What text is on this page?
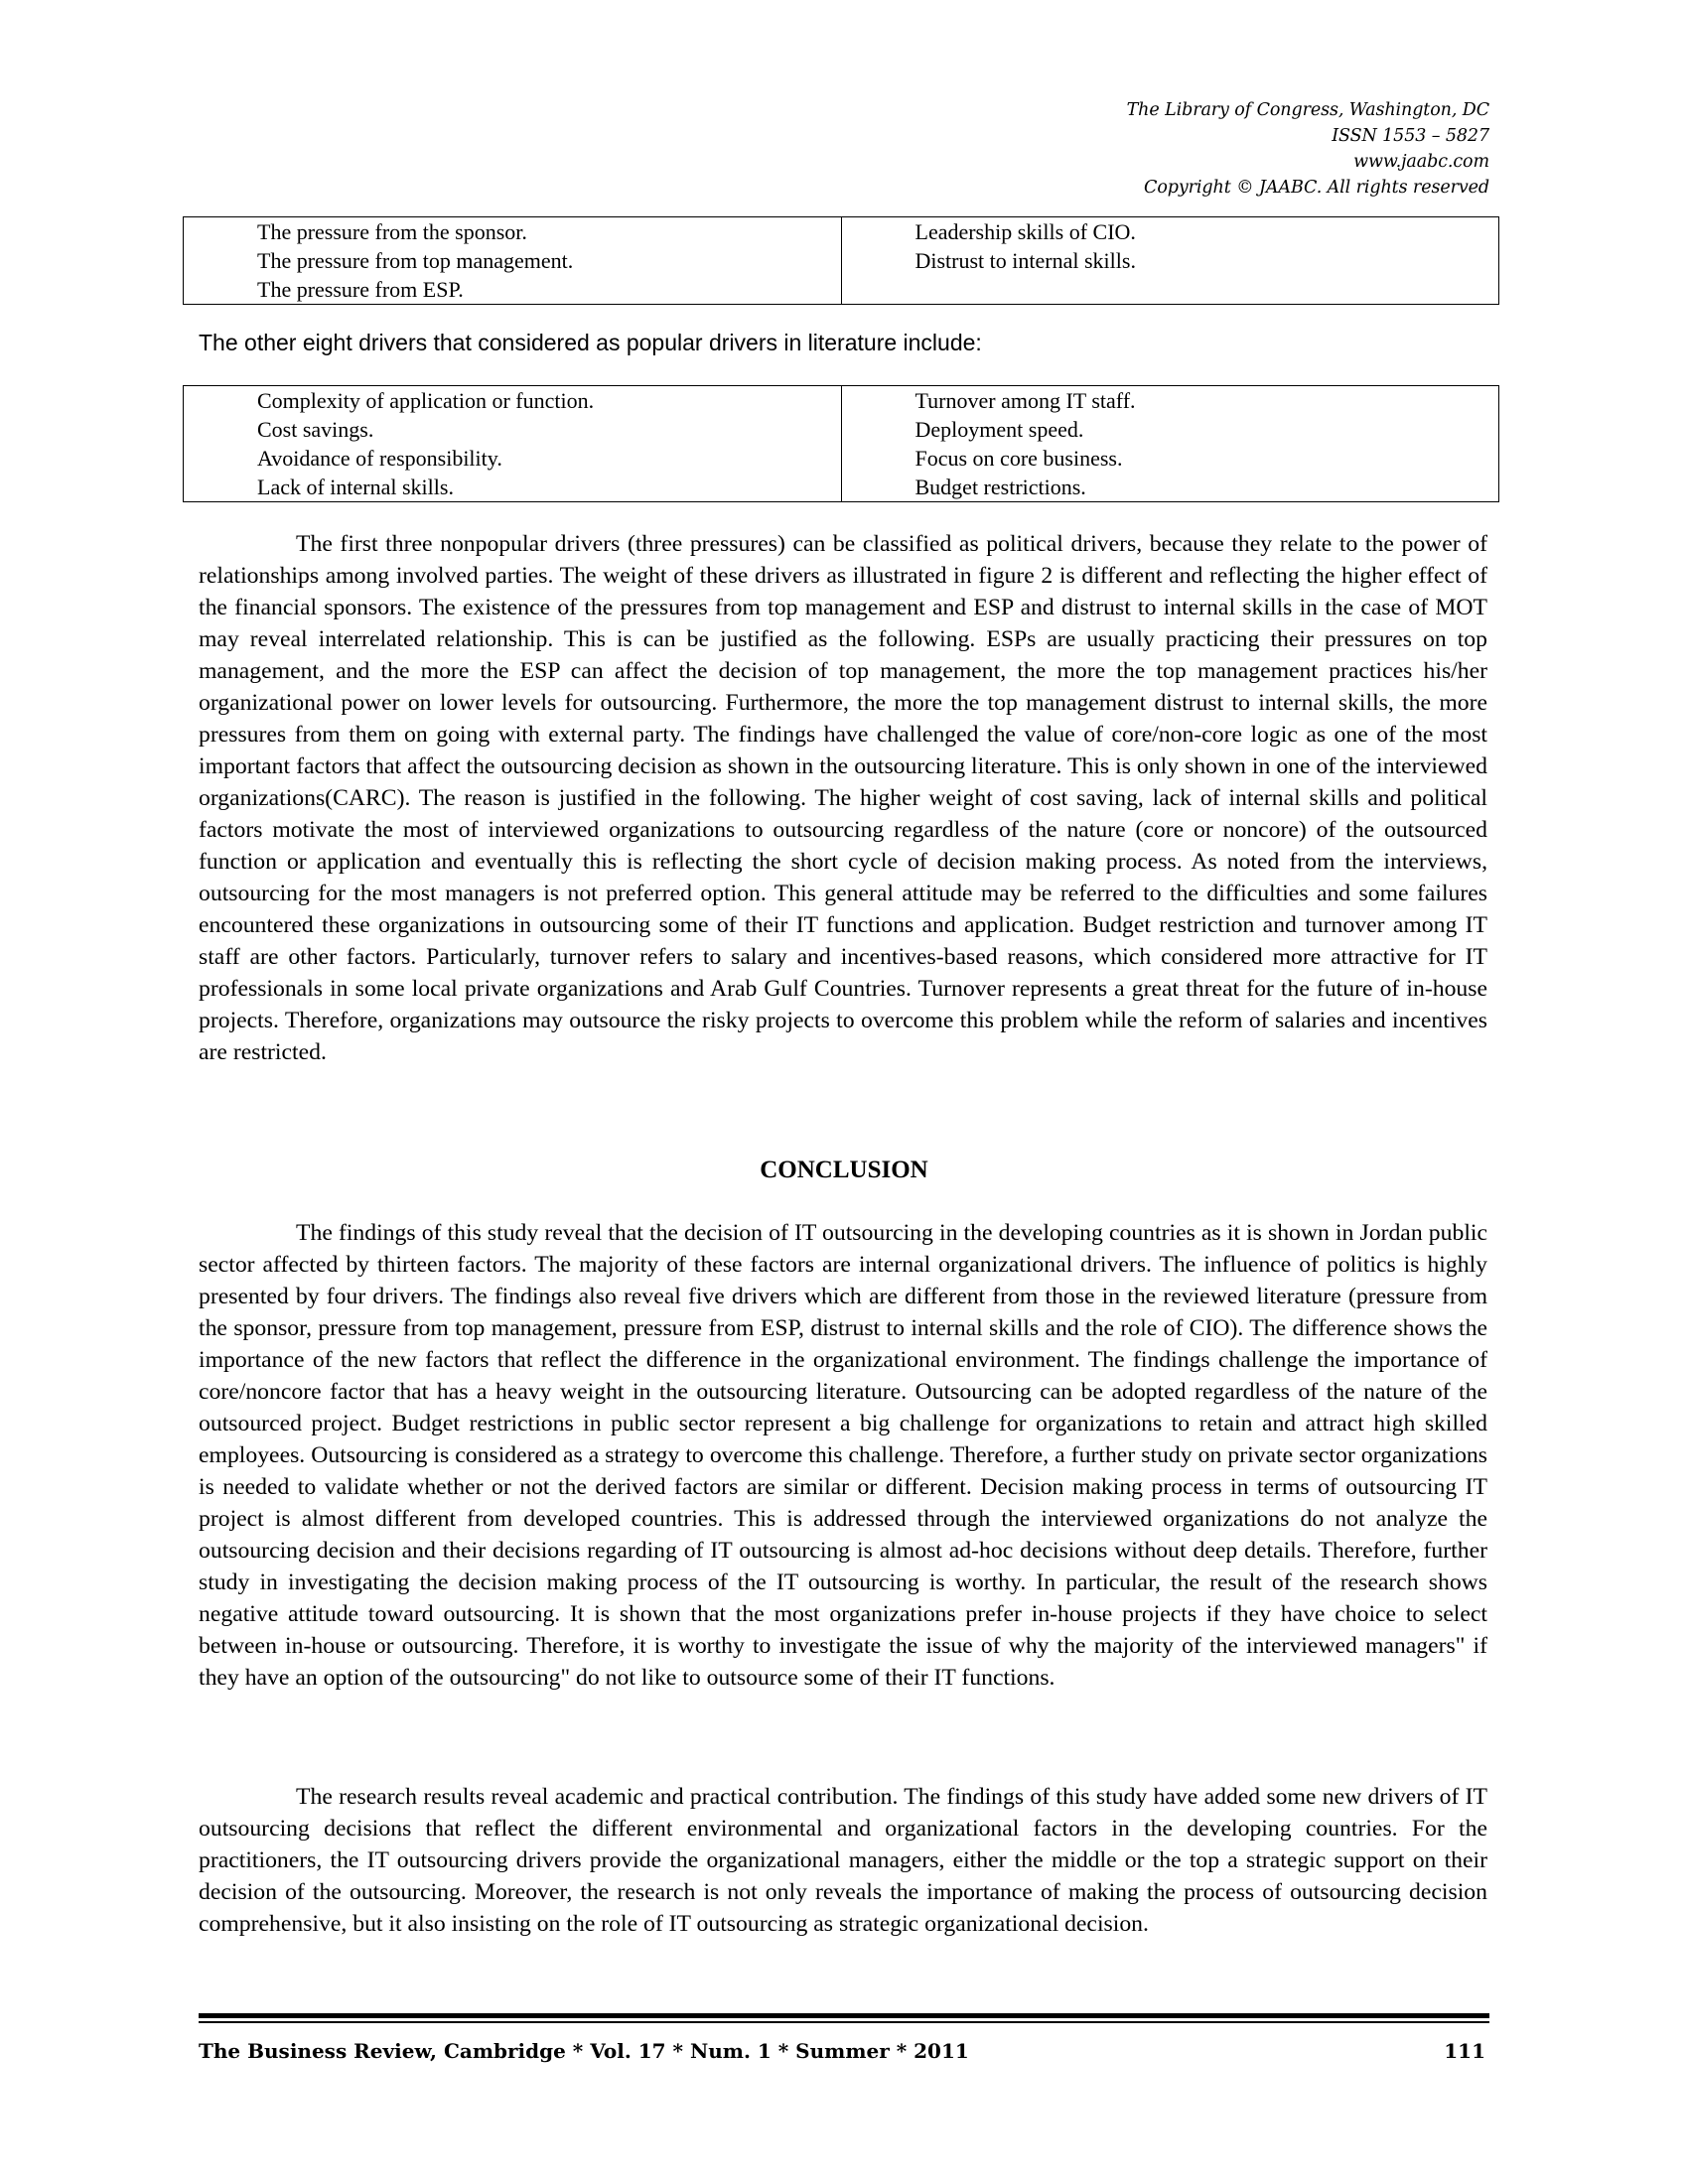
The Library of Congress, Washington, DC
ISSN 1553 – 5827
www.jaabc.com
Copyright © JAABC. All rights reserved
The pressure from the sponsor.
The pressure from top management.
The pressure from ESP.

Leadership skills of CIO.
Distrust to internal skills.
The other eight drivers that considered as popular drivers in literature include:
Complexity of application or function.
Cost savings.
Avoidance of responsibility.
Lack of internal skills.

Turnover among IT staff.
Deployment speed.
Focus on core business.
Budget restrictions.

The first three nonpopular drivers (three pressures) can be classified as political drivers, because they relate to the power of relationships among involved parties. The weight of these drivers as illustrated in figure 2 is different and reflecting the higher effect of the financial sponsors. The existence of the pressures from top management and ESP and distrust to internal skills in the case of MOT may reveal interrelated relationship. This is can be justified as the following. ESPs are usually practicing their pressures on top management, and the more the ESP can affect the decision of top management, the more the top management practices his/her organizational power on lower levels for outsourcing. Furthermore, the more the top management distrust to internal skills, the more pressures from them on going with external party. The findings have challenged the value of core/non-core logic as one of the most important factors that affect the outsourcing decision as shown in the outsourcing literature. This is only shown in one of the interviewed organizations(CARC). The reason is justified in the following. The higher weight of cost saving, lack of internal skills and political factors motivate the most of interviewed organizations to outsourcing regardless of the nature (core or noncore) of the outsourced function or application and eventually this is reflecting the short cycle of decision making process. As noted from the interviews, outsourcing for the most managers is not preferred option. This general attitude may be referred to the difficulties and some failures encountered these organizations in outsourcing some of their IT functions and application. Budget restriction and turnover among IT staff are other factors. Particularly, turnover refers to salary and incentives-based reasons, which considered more attractive for IT professionals in some local private organizations and Arab Gulf Countries. Turnover represents a great threat for the future of in-house projects. Therefore, organizations may outsource the risky projects to overcome this problem while the reform of salaries and incentives are restricted.

CONCLUSION

The findings of this study reveal that the decision of IT outsourcing in the developing countries as it is shown in Jordan public sector affected by thirteen factors. The majority of these factors are internal organizational drivers. The influence of politics is highly presented by four drivers. The findings also reveal five drivers which are different from those in the reviewed literature (pressure from the sponsor, pressure from top management, pressure from ESP, distrust to internal skills and the role of CIO). The difference shows the importance of the new factors that reflect the difference in the organizational environment. The findings challenge the importance of core/noncore factor that has a heavy weight in the outsourcing literature. Outsourcing can be adopted regardless of the nature of the outsourced project. Budget restrictions in public sector represent a big challenge for organizations to retain and attract high skilled employees. Outsourcing is considered as a strategy to overcome this challenge. Therefore, a further study on private sector organizations is needed to validate whether or not the derived factors are similar or different. Decision making process in terms of outsourcing IT project is almost different from developed countries. This is addressed through the interviewed organizations do not analyze the outsourcing decision and their decisions regarding of IT outsourcing is almost ad-hoc decisions without deep details. Therefore, further study in investigating the decision making process of the IT outsourcing is worthy. In particular, the result of the research shows negative attitude toward outsourcing. It is shown that the most organizations prefer in-house projects if they have choice to select between in-house or outsourcing. Therefore, it is worthy to investigate the issue of why the majority of the interviewed managers" if they have an option of the outsourcing" do not like to outsource some of their IT functions.

The research results reveal academic and practical contribution. The findings of this study have added some new drivers of IT outsourcing decisions that reflect the different environmental and organizational factors in the developing countries. For the practitioners, the IT outsourcing drivers provide the organizational managers, either the middle or the top a strategic support on their decision of the outsourcing. Moreover, the research is not only reveals the importance of making the process of outsourcing decision comprehensive, but it also insisting on the role of IT outsourcing as strategic organizational decision.

The Business Review, Cambridge * Vol. 17 * Num. 1 * Summer * 2011	111
